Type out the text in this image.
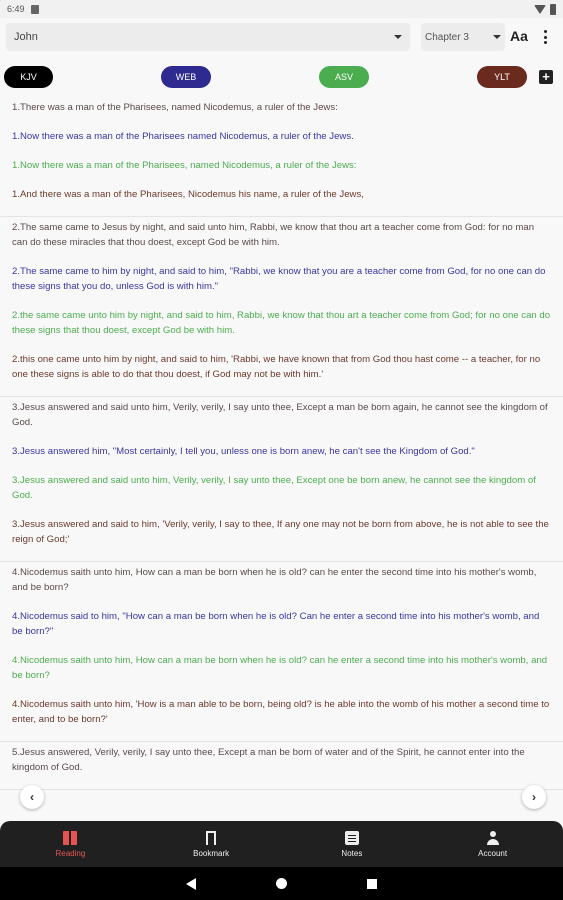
6:49
John	Chapter 3	Aa
KJV	WEB	ASV	YLT	+
1.There was a man of the Pharisees, named Nicodemus, a ruler of the Jews:
1.Now there was a man of the Pharisees named Nicodemus, a ruler of the Jews.
1.Now there was a man of the Pharisees, named Nicodemus, a ruler of the Jews:
1.And there was a man of the Pharisees, Nicodemus his name, a ruler of the Jews,
2.The same came to Jesus by night, and said unto him, Rabbi, we know that thou art a teacher come from God: for no man can do these miracles that thou doest, except God be with him.
2.The same came to him by night, and said to him, "Rabbi, we know that you are a teacher come from God, for no one can do these signs that you do, unless God is with him."
2.the same came unto him by night, and said to him, Rabbi, we know that thou art a teacher come from God; for no one can do these signs that thou doest, except God be with him.
2.this one came unto him by night, and said to him, 'Rabbi, we have known that from God thou hast come -- a teacher, for no one these signs is able to do that thou doest, if God may not be with him.'
3.Jesus answered and said unto him, Verily, verily, I say unto thee, Except a man be born again, he cannot see the kingdom of God.
3.Jesus answered him, "Most certainly, I tell you, unless one is born anew, he can't see the Kingdom of God."
3.Jesus answered and said unto him, Verily, verily, I say unto thee, Except one be born anew, he cannot see the kingdom of God.
3.Jesus answered and said to him, 'Verily, verily, I say to thee, If any one may not be born from above, he is not able to see the reign of God;'
4.Nicodemus saith unto him, How can a man be born when he is old? can he enter the second time into his mother's womb, and be born?
4.Nicodemus said to him, "How can a man be born when he is old? Can he enter a second time into his mother's womb, and be born?"
4.Nicodemus saith unto him, How can a man be born when he is old? can he enter a second time into his mother's womb, and be born?
4.Nicodemus saith unto him, 'How is a man able to be born, being old? is he able into the womb of his mother a second time to enter, and to be born?'
5.Jesus answered, Verily, verily, I say unto thee, Except a man be born of water and of the Spirit, he cannot enter into the kingdom of God.
‹	›
Reading	Bookmark	Notes	Account
